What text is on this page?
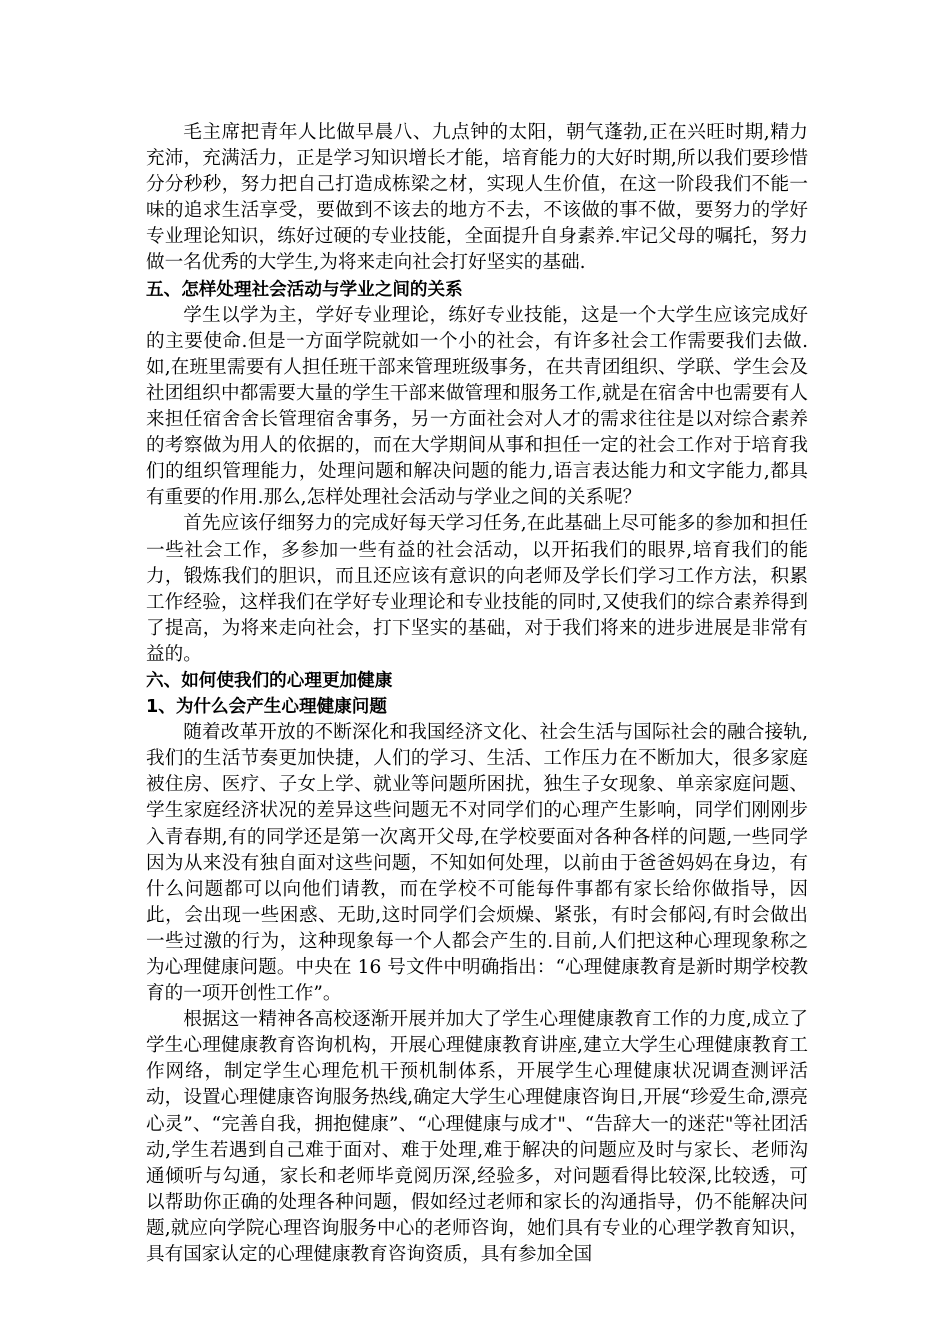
毛主席把青年人比做早晨八、九点钟的太阳，朝气蓬勃,正在兴旺时期,精力充沛，充满活力，正是学习知识增长才能，培育能力的大好时期,所以我们要珍惜分分秒秒，努力把自己打造成栋梁之材，实现人生价值，在这一阶段我们不能一味的追求生活享受，要做到不该去的地方不去，不该做的事不做，要努力的学好专业理论知识，练好过硬的专业技能，全面提升自身素养.牢记父母的嘱托，努力做一名优秀的大学生,为将来走向社会打好坚实的基础.

五、怎样处理社会活动与学业之间的关系

学生以学为主，学好专业理论，练好专业技能，这是一个大学生应该完成好的主要使命.但是一方面学院就如一个小的社会，有许多社会工作需要我们去做.如,在班里需要有人担任班干部来管理班级事务，在共青团组织、学联、学生会及社团组织中都需要大量的学生干部来做管理和服务工作,就是在宿舍中也需要有人来担任宿舍舍长管理宿舍事务，另一方面社会对人才的需求往往是以对综合素养的考察做为用人的依据的，而在大学期间从事和担任一定的社会工作对于培育我们的组织管理能力，处理问题和解决问题的能力,语言表达能力和文字能力,都具有重要的作用.那么,怎样处理社会活动与学业之间的关系呢？

首先应该仔细努力的完成好每天学习任务,在此基础上尽可能多的参加和担任一些社会工作，多参加一些有益的社会活动，以开拓我们的眼界,培育我们的能力，锻炼我们的胆识，而且还应该有意识的向老师及学长们学习工作方法，积累工作经验，这样我们在学好专业理论和专业技能的同时,又使我们的综合素养得到了提高，为将来走向社会，打下坚实的基础，对于我们将来的进步进展是非常有益的。

六、如何使我们的心理更加健康

1、为什么会产生心理健康问题

随着改革开放的不断深化和我国经济文化、社会生活与国际社会的融合接轨,我们的生活节奏更加快捷，人们的学习、生活、工作压力在不断加大，很多家庭被住房、医疗、子女上学、就业等问题所困扰，独生子女现象、单亲家庭问题、学生家庭经济状况的差异这些问题无不对同学们的心理产生影响，同学们刚刚步入青春期,有的同学还是第一次离开父母,在学校要面对各种各样的问题,一些同学因为从来没有独自面对这些问题，不知如何处理，以前由于爸爸妈妈在身边，有什么问题都可以向他们请教，而在学校不可能每件事都有家长给你做指导，因此，会出现一些困惑、无助,这时同学们会烦燥、紧张，有时会郁闷,有时会做出一些过激的行为，这种现象每一个人都会产生的.目前,人们把这种心理现象称之为心理健康问题。中央在 16 号文件中明确指出：“心理健康教育是新时期学校教育的一项开创性工作”。

根据这一精神各高校逐渐开展并加大了学生心理健康教育工作的力度,成立了学生心理健康教育咨询机构，开展心理健康教育讲座,建立大学生心理健康教育工作网络，制定学生心理危机干预机制体系，开展学生心理健康状况调查测评活动，设置心理健康咨询服务热线,确定大学生心理健康咨询日,开展“珍爱生命,漂亮心灵”、“完善自我，拥抱健康”、“心理健康与成才"、“告辞大一的迷茫"等社团活动,学生若遇到自己难于面对、难于处理,难于解决的问题应及时与家长、老师沟通倾听与勾通，家长和老师毕竟阅历深,经验多，对问题看得比较深,比较透，可以帮助你正确的处理各种问题，假如经过老师和家长的沟通指导，仍不能解决问题,就应向学院心理咨询服务中心的老师咨询，她们具有专业的心理学教育知识，具有国家认定的心理健康教育咨询资质，具有参加全国
